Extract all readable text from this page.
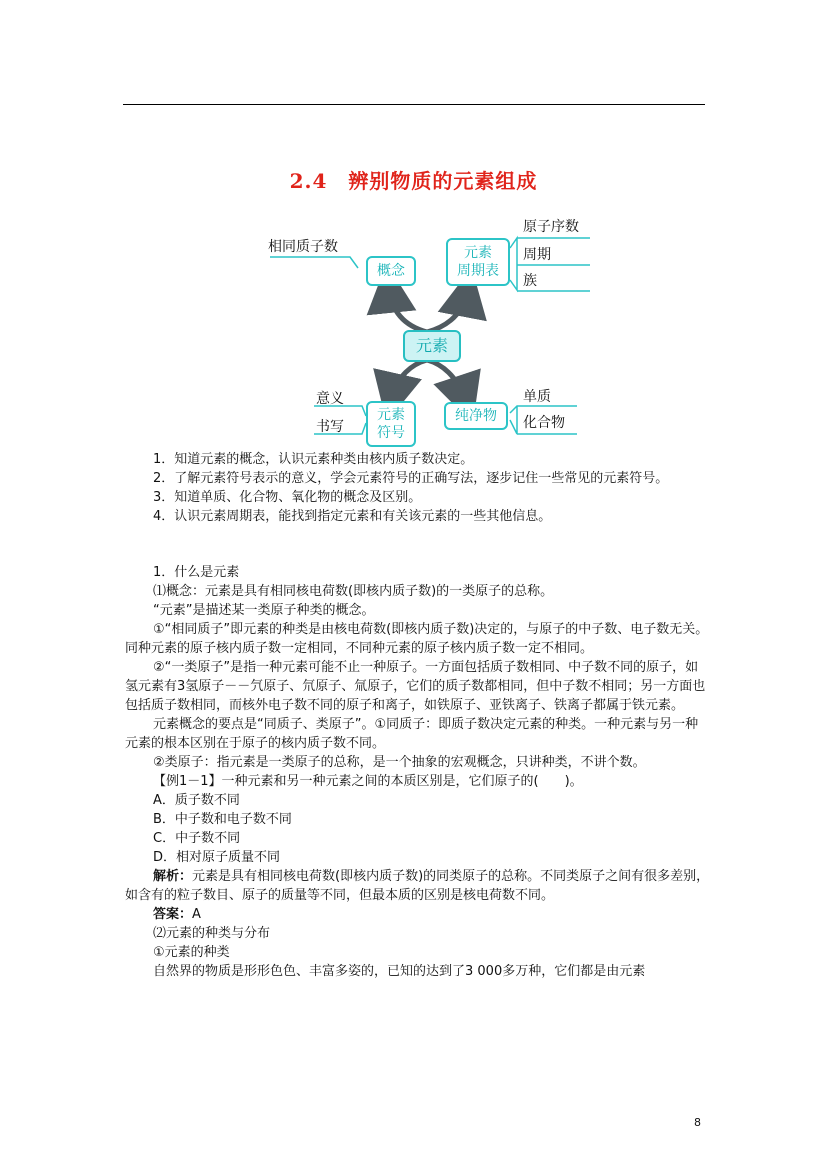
2.4　辨别物质的元素组成
相同质子数
概念
元素
周期表
原子序数
周期
族
元素
意义
书写
元素
符号
纯净物
单质
化合物

1．知道元素的概念，认识元素种类由核内质子数决定。

2．了解元素符号表示的意义，学会元素符号的正确写法，逐步记住一些常见的元素符号。

3．知道单质、化合物、氧化物的概念及区别。

4．认识元素周期表，能找到指定元素和有关该元素的一些其他信息。

1．什么是元素

⑴概念：元素是具有相同核电荷数(即核内质子数)的一类原子的总称。

“元素”是描述某一类原子种类的概念。

①“相同质子”即元素的种类是由核电荷数(即核内质子数)决定的，与原子的中子数、电子数无关。同种元素的原子核内质子数一定相同，不同种元素的原子核内质子数一定不相同。

②“一类原子”是指一种元素可能不止一种原子。一方面包括质子数相同、中子数不同的原子，如氢元素有3氢原子－－氕原子、氘原子、氚原子，它们的质子数都相同，但中子数不相同；另一方面也包括质子数相同，而核外电子数不同的原子和离子，如铁原子、亚铁离子、铁离子都属于铁元素。

元素概念的要点是“同质子、类原子”。①同质子：即质子数决定元素的种类。一种元素与另一种元素的根本区别在于原子的核内质子数不同。

②类原子：指元素是一类原子的总称，是一个抽象的宏观概念，只讲种类，不讲个数。

【例1－1】一种元素和另一种元素之间的本质区别是，它们原子的(　　)。

A．质子数不同

B．中子数和电子数不同

C．中子数不同

D．相对原子质量不同

解析：元素是具有相同核电荷数(即核内质子数)的同类原子的总称。不同类原子之间有很多差别，如含有的粒子数目、原子的质量等不同，但最本质的区别是核电荷数不同。

答案：A

⑵元素的种类与分布

①元素的种类

自然界的物质是形形色色、丰富多姿的，已知的达到了3 000多万种，它们都是由元素

8
